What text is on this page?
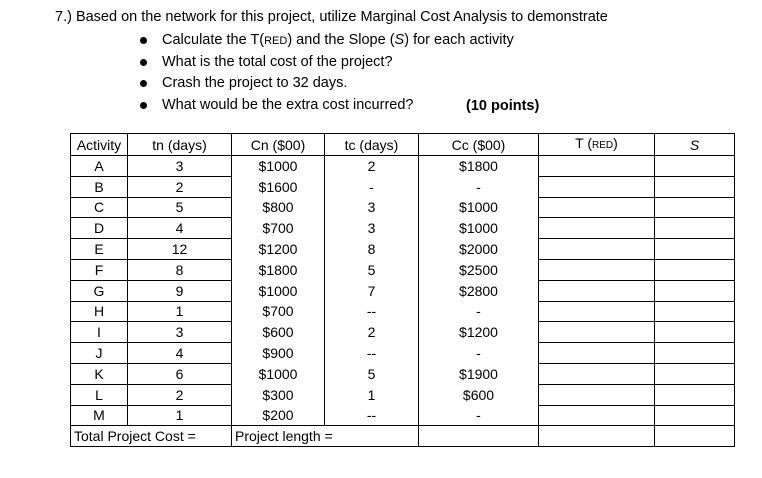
7.) Based on the network for this project, utilize Marginal Cost Analysis to demonstrate
Calculate the T(RED) and the Slope (S) for each activity
What is the total cost of the project?
Crash the project to 32 days.
What would be the extra cost incurred?	(10 points)
Activity	tn (days)	Cn ($00)	tc (days)	Cc ($00)	T (RED)	S
A	3	$1000	2	$1800		
B	2	$1600	-	-		
C	5	$800	3	$1000		
D	4	$700	3	$1000		
E	12	$1200	8	$2000		
F	8	$1800	5	$2500		
G	9	$1000	7	$2800		
H	1	$700	--	-		
I	3	$600	2	$1200		
J	4	$900	--	-		
K	6	$1000	5	$1900		
L	2	$300	1	$600		
M	1	$200	--	-		
Total Project Cost =		Project length =				
